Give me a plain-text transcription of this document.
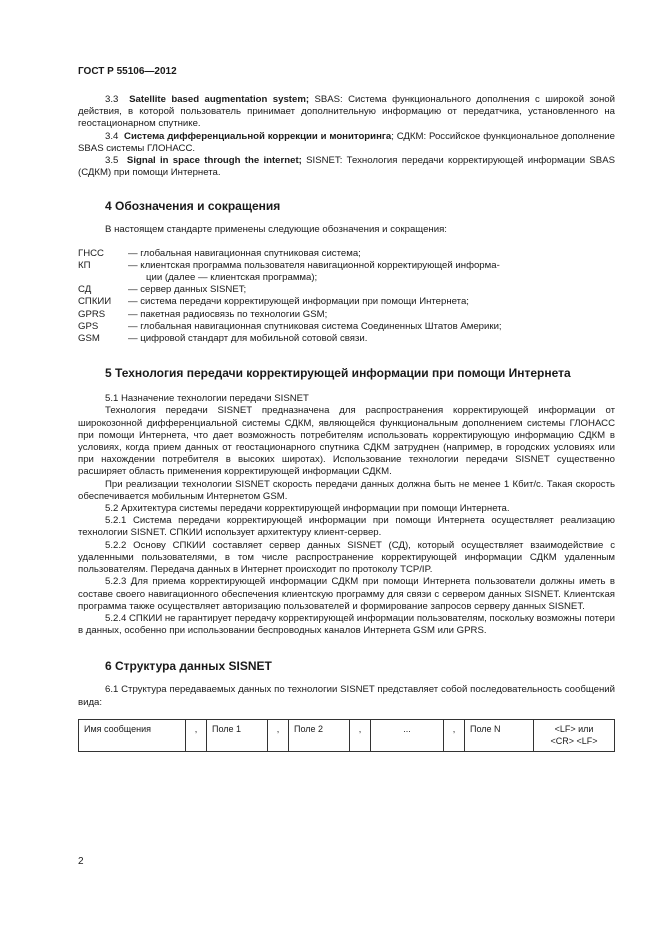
ГОСТ Р 55106—2012

3.3 Satellite based augmentation system; SBAS: Система функционального дополнения с широкой зоной действия, в которой пользователь принимает дополнительную информацию от передатчика, установленного на геостационарном спутнике.

3.4 Система дифференциальной коррекции и мониторинга; СДКМ: Российское функциональное дополнение SBAS системы ГЛОНАСС.

3.5 Signal in space through the internet; SISNET: Технология передачи корректирующей информации SBAS (СДКМ) при помощи Интернета.

4 Обозначения и сокращения

В настоящем стандарте применены следующие обозначения и сокращения:

ГНСС	— глобальная навигационная спутниковая система;
КП	— клиентская программа пользователя навигационной корректирующей информа-
ции (далее — клиентская программа);
СД	— сервер данных SISNET;
СПКИИ	— система передачи корректирующей информации при помощи Интернета;
GPRS	— пакетная радиосвязь по технологии GSM;
GPS	— глобальная навигационная спутниковая система Соединенных Штатов Америки;
GSM	— цифровой стандарт для мобильной сотовой связи.
5 Технология передачи корректирующей информации при помощи Интернета

5.1 Назначение технологии передачи SISNET

Технология передачи SISNET предназначена для распространения корректирующей информации от широкозонной дифференциальной системы СДКМ, являющейся функциональным дополнением системы ГЛОНАСС при помощи Интернета, что дает возможность потребителям использовать корректирующую информацию СДКМ в условиях, когда прием данных от геостационарного спутника СДКМ затруднен (например, в городских условиях или при нахождении потребителя в высоких широтах). Использование технологии передачи SISNET существенно расширяет область применения корректирующей информации СДКМ.

При реализации технологии SISNET скорость передачи данных должна быть не менее 1 Кбит/с. Такая скорость обеспечивается мобильным Интернетом GSM.

5.2 Архитектура системы передачи корректирующей информации при помощи Интернета.

5.2.1 Система передачи корректирующей информации при помощи Интернета осуществляет реализацию технологии SISNET. СПКИИ использует архитектуру клиент-сервер.

5.2.2 Основу СПКИИ составляет сервер данных SISNET (СД), который осуществляет взаимодействие с удаленными пользователями, в том числе распространение корректирующей информации СДКМ удаленным пользователям. Передача данных в Интернет происходит по протоколу TCP/IP.

5.2.3 Для приема корректирующей информации СДКМ при помощи Интернета пользователи должны иметь в составе своего навигационного обеспечения клиентскую программу для связи с сервером данных SISNET. Клиентская программа также осуществляет авторизацию пользователей и формирование запросов серверу данных SISNET.

5.2.4 СПКИИ не гарантирует передачу корректирующей информации пользователям, поскольку возможны потери в данных, особенно при использовании беспроводных каналов Интернета GSM или GPRS.

6 Структура данных SISNET

6.1 Структура передаваемых данных по технологии SISNET представляет собой последовательность сообщений вида:

Имя сообщения	,	Поле 1	,	Поле 2	,	...	,	Поле N	<LF> или
<CR> <LF>
2
